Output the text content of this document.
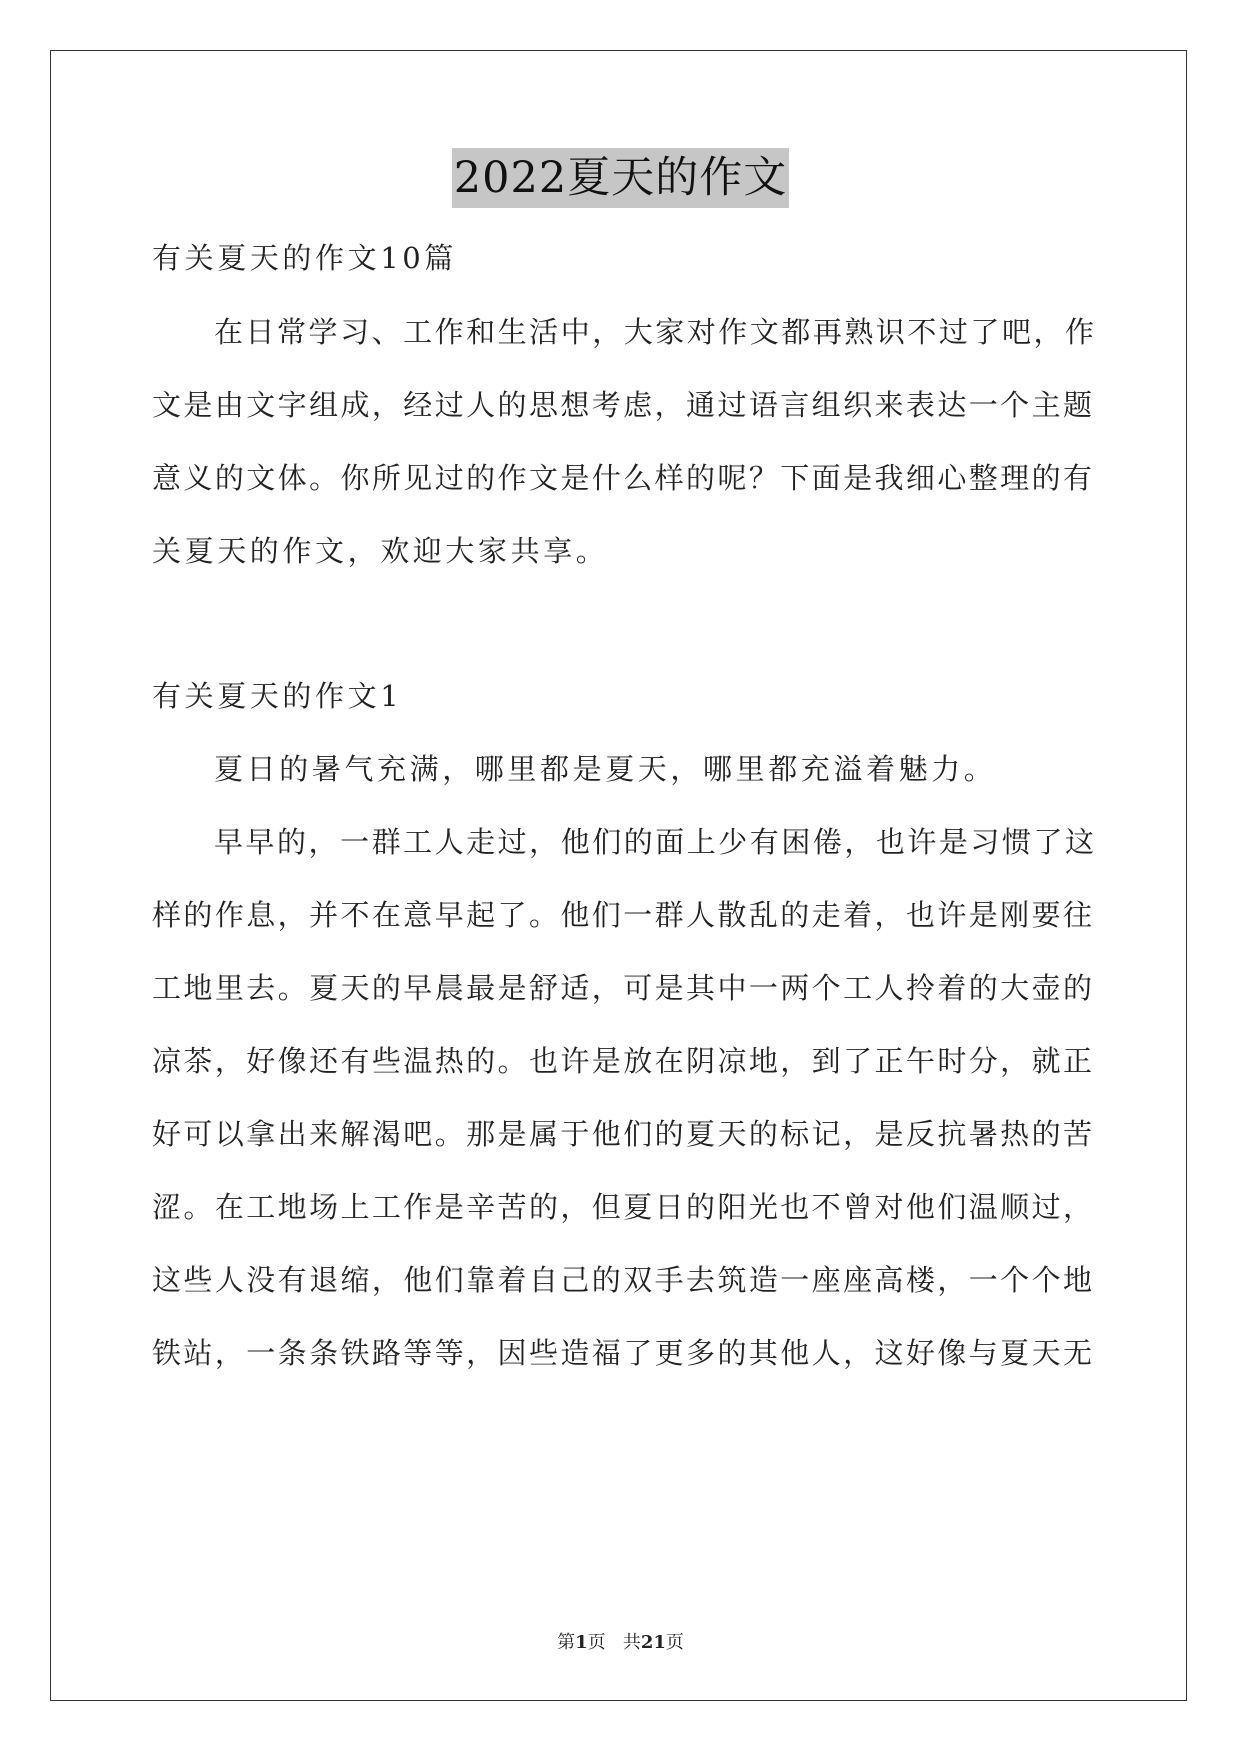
2022夏天的作文
有关夏天的作文10篇
在日常学习、工作和生活中，大家对作文都再熟识不过了吧，作
文是由文字组成，经过人的思想考虑，通过语言组织来表达一个主题
意义的文体。你所见过的作文是什么样的呢？下面是我细心整理的有
关夏天的作文，欢迎大家共享。
有关夏天的作文1
夏日的暑气充满，哪里都是夏天，哪里都充溢着魅力。
早早的，一群工人走过，他们的面上少有困倦，也许是习惯了这
样的作息，并不在意早起了。他们一群人散乱的走着，也许是刚要往
工地里去。夏天的早晨最是舒适，可是其中一两个工人拎着的大壶的
凉茶，好像还有些温热的。也许是放在阴凉地，到了正午时分，就正
好可以拿出来解渴吧。那是属于他们的夏天的标记，是反抗暑热的苦
涩。在工地场上工作是辛苦的，但夏日的阳光也不曾对他们温顺过，
这些人没有退缩，他们靠着自己的双手去筑造一座座高楼，一个个地
铁站，一条条铁路等等，因些造福了更多的其他人，这好像与夏天无
第1页 共21页
